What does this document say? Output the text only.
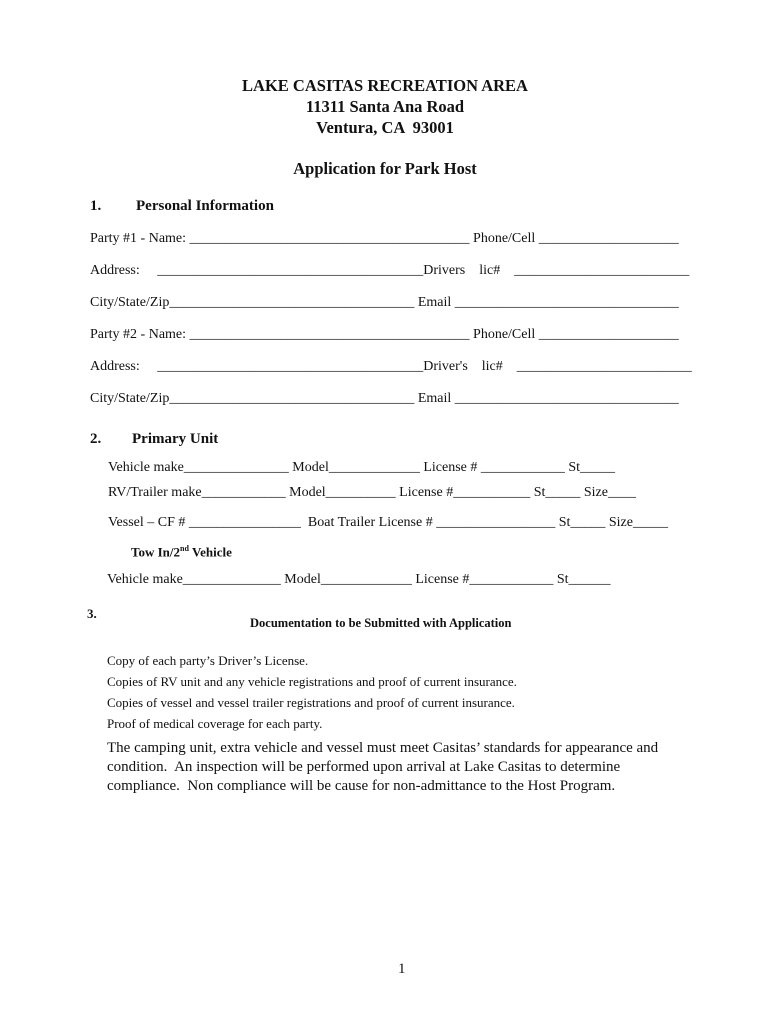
LAKE CASITAS RECREATION AREA
11311 Santa Ana Road
Ventura, CA  93001
Application for Park Host
1. Personal Information
Party #1 - Name: ________________________________________ Phone/Cell ____________________
Address:     ______________________________________Drivers    lic#    _________________________
City/State/Zip___________________________________ Email ________________________________
Party #2 - Name: ________________________________________ Phone/Cell ____________________
Address:     ______________________________________Driver's    lic#    _________________________
City/State/Zip___________________________________ Email ________________________________
2. Primary Unit
Vehicle make_______________ Model_____________ License # ____________ St_____
RV/Trailer make____________ Model__________ License #___________ St_____ Size____
Vessel – CF # ________________  Boat Trailer License # _________________ St_____ Size_____
Tow In/2nd Vehicle
Vehicle make______________ Model_____________ License #____________ St______
3.
Documentation to be Submitted with Application
Copy of each party’s Driver’s License.
Copies of RV unit and any vehicle registrations and proof of current insurance.
Copies of vessel and vessel trailer registrations and proof of current insurance.
Proof of medical coverage for each party.
The camping unit, extra vehicle and vessel must meet Casitas’ standards for appearance and
condition.  An inspection will be performed upon arrival at Lake Casitas to determine
compliance.  Non compliance will be cause for non-admittance to the Host Program.
1
